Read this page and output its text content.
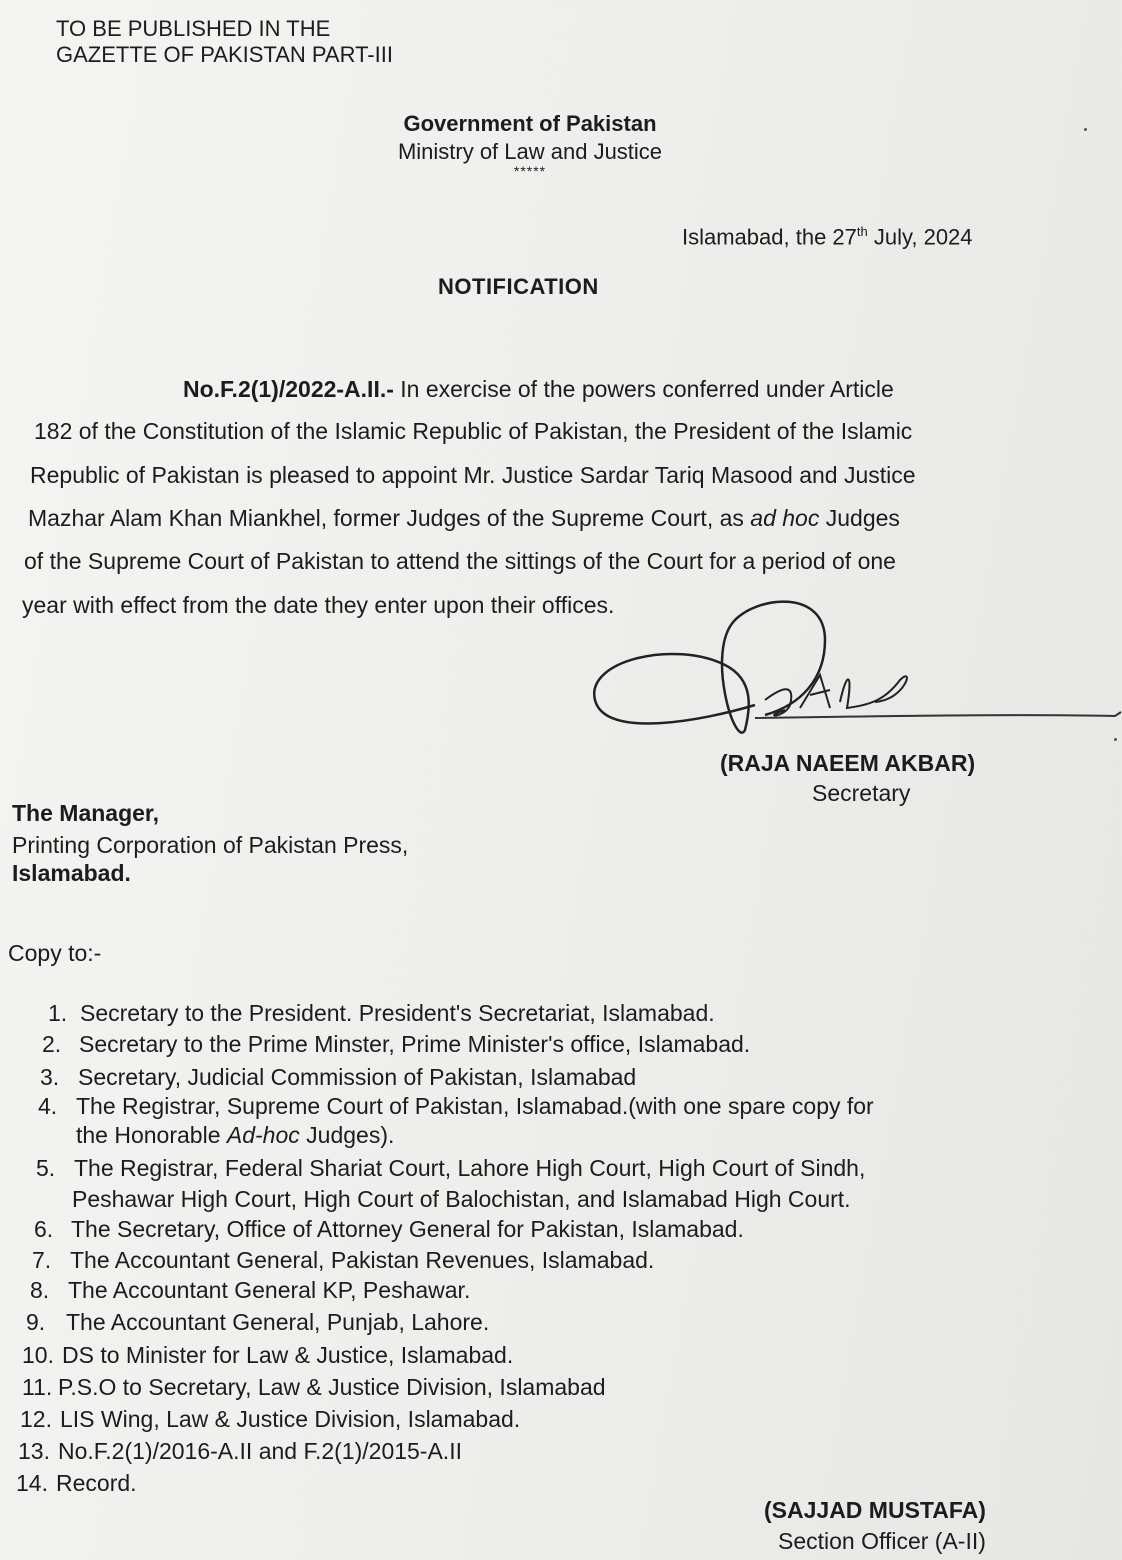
TO BE PUBLISHED IN THE
GAZETTE OF PAKISTAN PART-III
Government of Pakistan
Ministry of Law and Justice
*****
Islamabad, the 27th July, 2024
NOTIFICATION
No.F.2(1)/2022-A.II.- In exercise of the powers conferred under Article
182 of the Constitution of the Islamic Republic of Pakistan, the President of the Islamic
Republic of Pakistan is pleased to appoint Mr. Justice Sardar Tariq Masood and Justice
Mazhar Alam Khan Miankhel, former Judges of the Supreme Court, as ad hoc Judges
of the Supreme Court of Pakistan to attend the sittings of the Court for a period of one
year with effect from the date they enter upon their offices.
(RAJA NAEEM AKBAR)
Secretary
The Manager,
Printing Corporation of Pakistan Press,
Islamabad.
Copy to:-
1. Secretary to the President. President's Secretariat, Islamabad.
2. Secretary to the Prime Minster, Prime Minister's office, Islamabad.
3. Secretary, Judicial Commission of Pakistan, Islamabad
4. The Registrar, Supreme Court of Pakistan, Islamabad.(with one spare copy for
the Honorable Ad-hoc Judges).
5. The Registrar, Federal Shariat Court, Lahore High Court, High Court of Sindh,
Peshawar High Court, High Court of Balochistan, and Islamabad High Court.
6. The Secretary, Office of Attorney General for Pakistan, Islamabad.
7. The Accountant General, Pakistan Revenues, Islamabad.
8. The Accountant General KP, Peshawar.
9. The Accountant General, Punjab, Lahore.
10. DS to Minister for Law & Justice, Islamabad.
11. P.S.O to Secretary, Law & Justice Division, Islamabad
12. LIS Wing, Law & Justice Division, Islamabad.
13. No.F.2(1)/2016-A.II and F.2(1)/2015-A.II
14. Record.
(SAJJAD MUSTAFA)
Section Officer (A-II)
